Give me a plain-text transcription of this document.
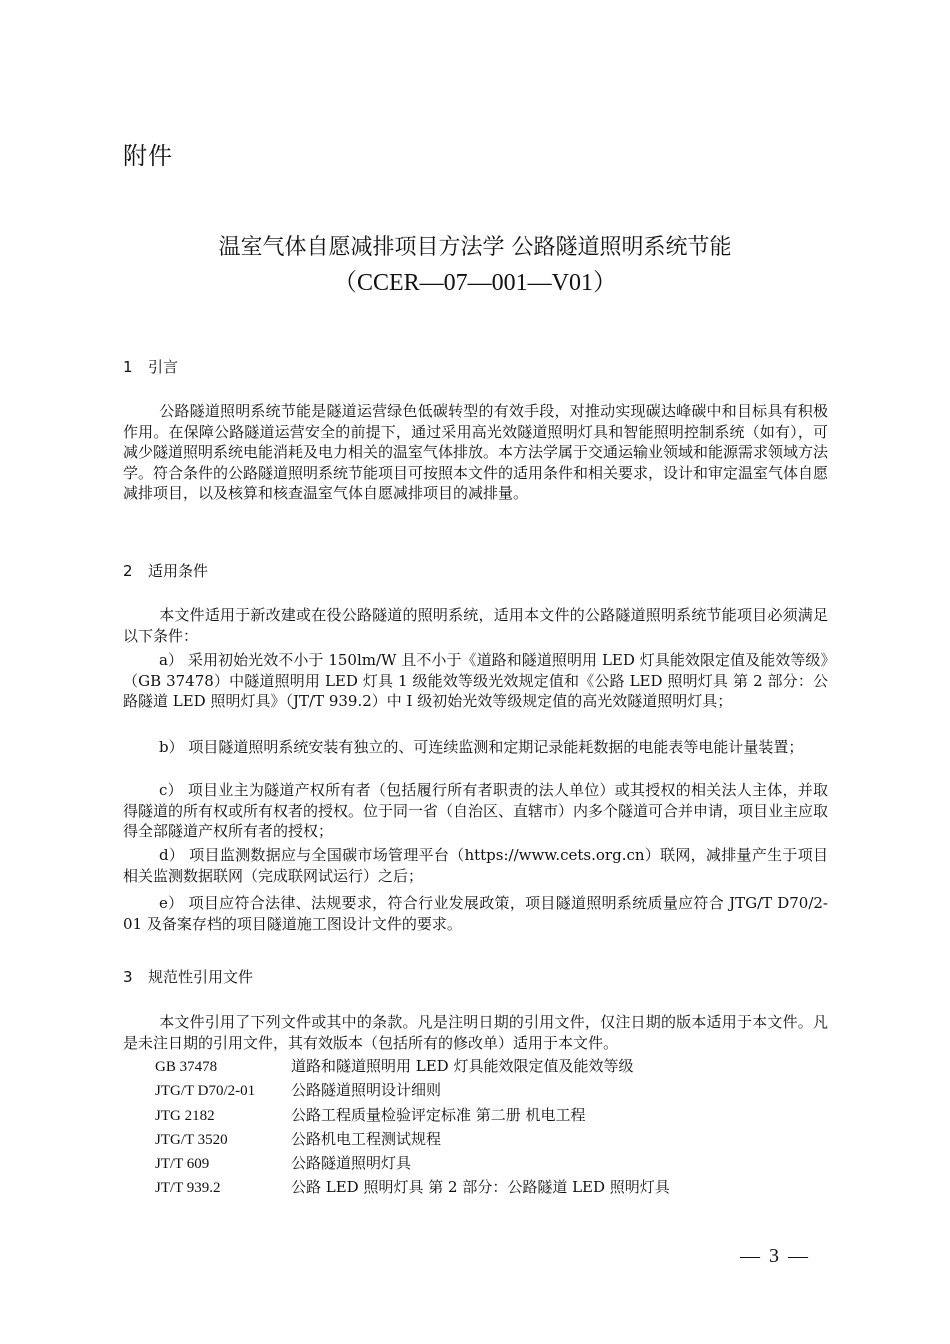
附件
温室气体自愿减排项目方法学 公路隧道照明系统节能
（CCER—07—001—V01）
1 引言
公路隧道照明系统节能是隧道运营绿色低碳转型的有效手段，对推动实现碳达峰碳中和目标具有积极作用。在保障公路隧道运营安全的前提下，通过采用高光效隧道照明灯具和智能照明控制系统（如有），可减少隧道照明系统电能消耗及电力相关的温室气体排放。本方法学属于交通运输业领域和能源需求领域方法学。符合条件的公路隧道照明系统节能项目可按照本文件的适用条件和相关要求，设计和审定温室气体自愿减排项目，以及核算和核查温室气体自愿减排项目的减排量。
2 适用条件
本文件适用于新改建或在役公路隧道的照明系统，适用本文件的公路隧道照明系统节能项目必须满足以下条件：
a） 采用初始光效不小于 150lm/W 且不小于《道路和隧道照明用 LED 灯具能效限定值及能效等级》（GB 37478）中隧道照明用 LED 灯具 1 级能效等级光效规定值和《公路 LED 照明灯具 第 2 部分：公路隧道 LED 照明灯具》（JT/T 939.2）中 I 级初始光效等级规定值的高光效隧道照明灯具；
b） 项目隧道照明系统安装有独立的、可连续监测和定期记录能耗数据的电能表等电能计量装置；
c） 项目业主为隧道产权所有者（包括履行所有者职责的法人单位）或其授权的相关法人主体，并取得隧道的所有权或所有权者的授权。位于同一省（自治区、直辖市）内多个隧道可合并申请，项目业主应取得全部隧道产权所有者的授权；
d） 项目监测数据应与全国碳市场管理平台（https://www.cets.org.cn）联网，减排量产生于项目相关监测数据联网（完成联网试运行）之后；
e） 项目应符合法律、法规要求，符合行业发展政策，项目隧道照明系统质量应符合 JTG/T D70/2-01 及备案存档的项目隧道施工图设计文件的要求。
3 规范性引用文件
本文件引用了下列文件或其中的条款。凡是注明日期的引用文件，仅注日期的版本适用于本文件。凡是未注日期的引用文件，其有效版本（包括所有的修改单）适用于本文件。
GB 37478	道路和隧道照明用 LED 灯具能效限定值及能效等级
JTG/T D70/2-01 公路隧道照明设计细则
JTG 2182	公路工程质量检验评定标准 第二册 机电工程
JTG/T 3520	公路机电工程测试规程
JT/T 609	公路隧道照明灯具
JT/T 939.2	公路 LED 照明灯具 第 2 部分：公路隧道 LED 照明灯具
— 3 —
